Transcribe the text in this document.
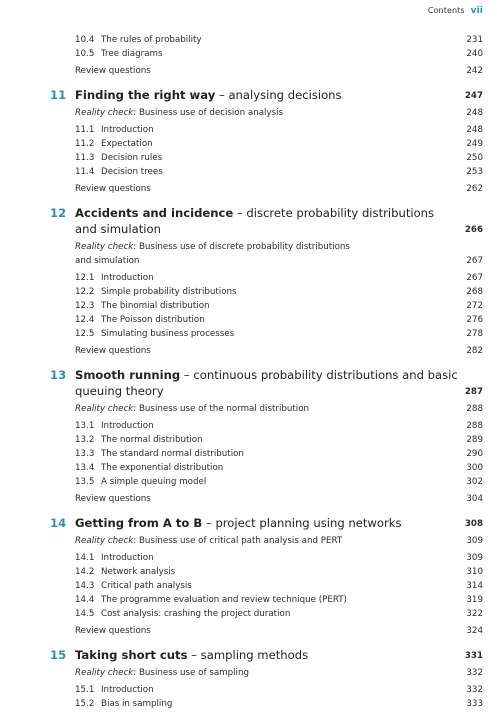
Contents vii
10.4 The rules of probability	231
10.5 Tree diagrams	240
Review questions	242
11 Finding the right way – analysing decisions	247
Reality check: Business use of decision analysis	248
11.1 Introduction	248
11.2 Expectation	249
11.3 Decision rules	250
11.4 Decision trees	253
Review questions	262
12 Accidents and incidence – discrete probability distributions
and simulation	266
Reality check: Business use of discrete probability distributions
and simulation	267
12.1 Introduction	267
12.2 Simple probability distributions	268
12.3 The binomial distribution	272
12.4 The Poisson distribution	276
12.5 Simulating business processes	278
Review questions	282
13 Smooth running – continuous probability distributions and basic
queuing theory	287
Reality check: Business use of the normal distribution	288
13.1 Introduction	288
13.2 The normal distribution	289
13.3 The standard normal distribution	290
13.4 The exponential distribution	300
13.5 A simple queuing model	302
Review questions	304
14 Getting from A to B – project planning using networks	308
Reality check: Business use of critical path analysis and PERT	309
14.1 Introduction	309
14.2 Network analysis	310
14.3 Critical path analysis	314
14.4 The programme evaluation and review technique (PERT)	319
14.5 Cost analysis: crashing the project duration	322
Review questions	324
15 Taking short cuts – sampling methods	331
Reality check: Business use of sampling	332
15.1 Introduction	332
15.2 Bias in sampling	333
